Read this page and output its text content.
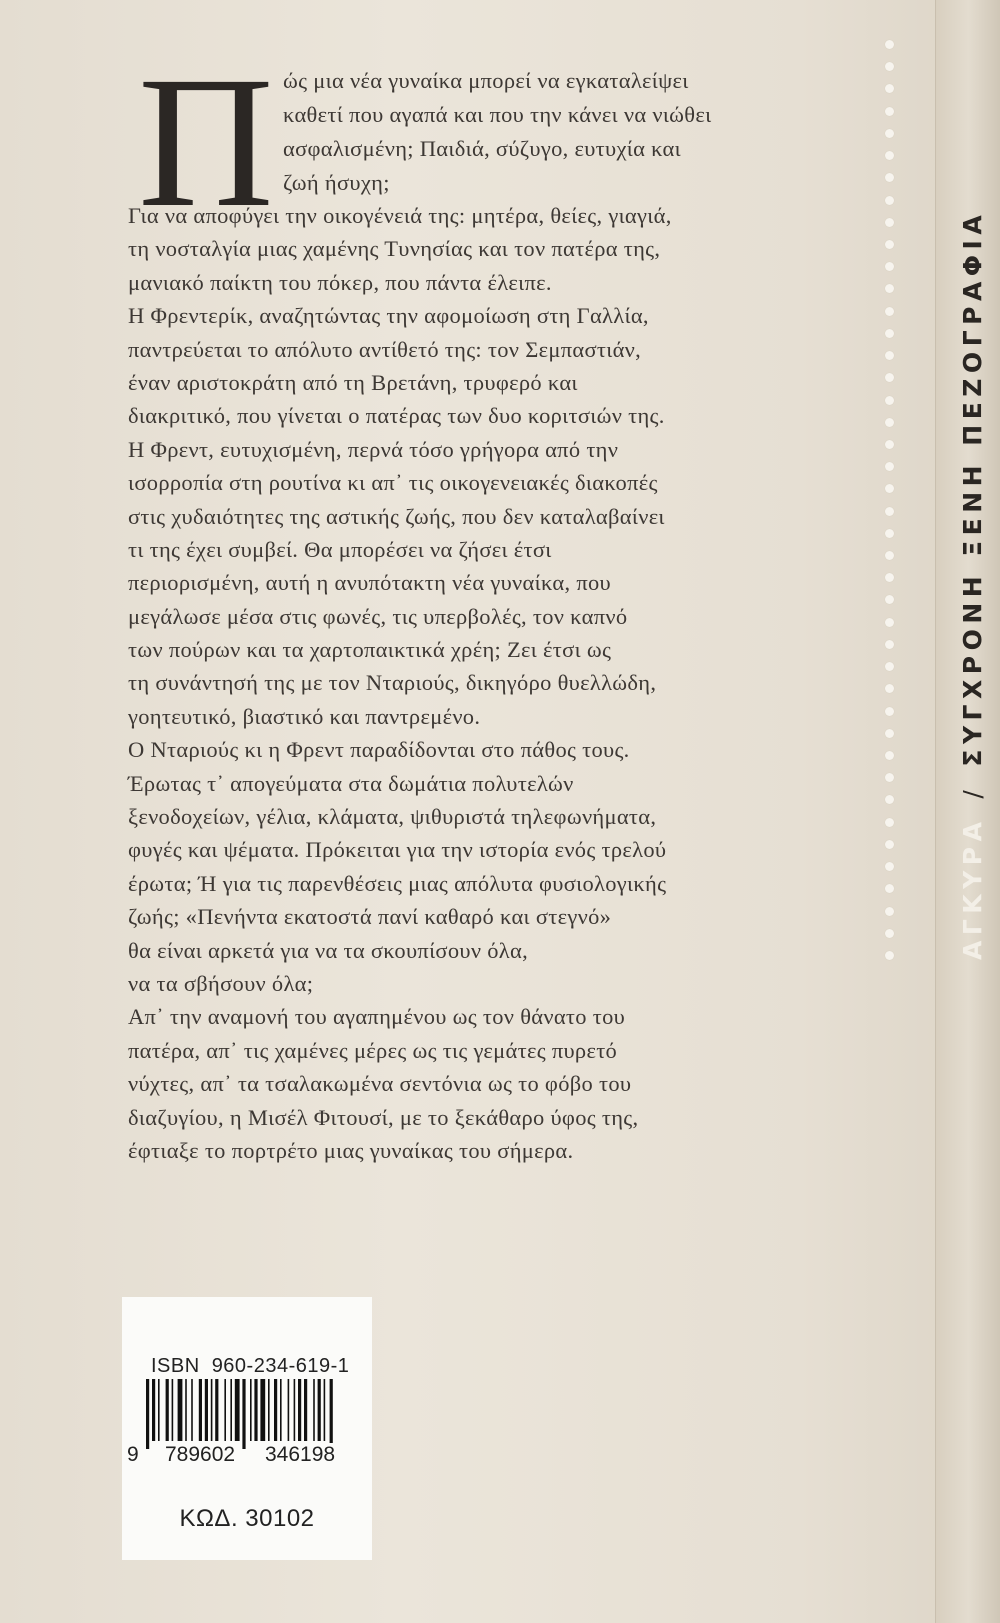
ΑΓΚΥΡΑ/ΣΥΓΧΡΟΝΗ ΞΕΝΗ ΠΕΖΟΓΡΑΦΙΑ
Π ώς μια νέα γυναίκα μπορεί να εγκαταλείψει
καθετί που αγαπά και που την κάνει να νιώθει
ασφαλισμένη; Παιδιά, σύζυγο, ευτυχία και
ζωή ήσυχη;
Για να αποφύγει την οικογένειά της: μητέρα, θείες, γιαγιά,
τη νοσταλγία μιας χαμένης Τυνησίας και τον πατέρα της,
μανιακό παίκτη του πόκερ, που πάντα έλειπε.
Η Φρεντερίκ, αναζητώντας την αφομοίωση στη Γαλλία,
παντρεύεται το απόλυτο αντίθετό της: τον Σεμπαστιάν,
έναν αριστοκράτη από τη Βρετάνη, τρυφερό και
διακριτικό, που γίνεται ο πατέρας των δυο κοριτσιών της.
Η Φρεντ, ευτυχισμένη, περνά τόσο γρήγορα από την
ισορροπία στη ρουτίνα κι απ᾽ τις οικογενειακές διακοπές
στις χυδαιότητες της αστικής ζωής, που δεν καταλαβαίνει
τι της έχει συμβεί. Θα μπορέσει να ζήσει έτσι
περιορισμένη, αυτή η ανυπότακτη νέα γυναίκα, που
μεγάλωσε μέσα στις φωνές, τις υπερβολές, τον καπνό
των πούρων και τα χαρτοπαικτικά χρέη; Ζει έτσι ως
τη συνάντησή της με τον Νταριούς, δικηγόρο θυελλώδη,
γοητευτικό, βιαστικό και παντρεμένο.
Ο Νταριούς κι η Φρεντ παραδίδονται στο πάθος τους.
Έρωτας τ᾽ απογεύματα στα δωμάτια πολυτελών
ξενοδοχείων, γέλια, κλάματα, ψιθυριστά τηλεφωνήματα,
φυγές και ψέματα. Πρόκειται για την ιστορία ενός τρελού
έρωτα; Ή για τις παρενθέσεις μιας απόλυτα φυσιολογικής
ζωής; «Πενήντα εκατοστά πανί καθαρό και στεγνό»
θα είναι αρκετά για να τα σκουπίσουν όλα,
να τα σβήσουν όλα;
Απ᾽ την αναμονή του αγαπημένου ως τον θάνατο του
πατέρα, απ᾽ τις χαμένες μέρες ως τις γεμάτες πυρετό
νύχτες, απ᾽ τα τσαλακωμένα σεντόνια ως το φόβο του
διαζυγίου, η Μισέλ Φιτουσί, με το ξεκάθαρο ύφος της,
έφτιαξε το πορτρέτο μιας γυναίκας του σήμερα.
ISBN 960-234-619-1
9 789602 346198
ΚΩΔ. 30102
